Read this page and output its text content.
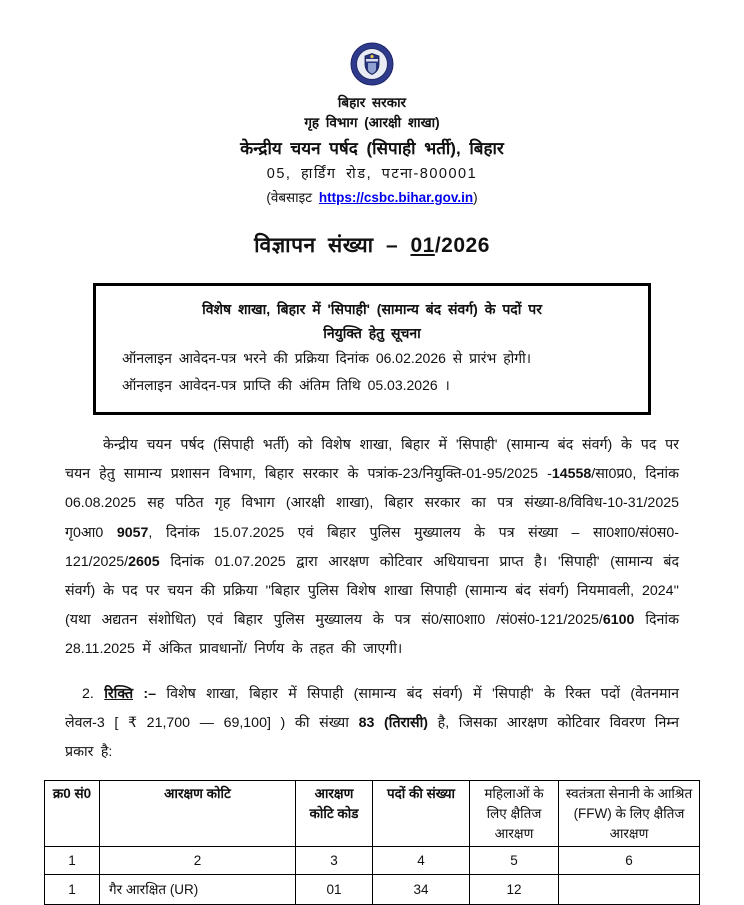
बिहार सरकार
गृह विभाग (आरक्षी शाखा)
केन्द्रीय चयन पर्षद (सिपाही भर्ती), बिहार
05, हार्डिंग रोड, पटना-800001
(वेबसाइट https://csbc.bihar.gov.in)
विज्ञापन संख्या – 01/2026
विशेष शाखा, बिहार में 'सिपाही' (सामान्य बंद संवर्ग) के पदों पर
नियुक्ति हेतु सूचना
ऑनलाइन आवेदन-पत्र भरने की प्रक्रिया दिनांक 06.02.2026 से प्रारंभ होगी।
ऑनलाइन आवेदन-पत्र प्राप्ति की अंतिम तिथि 05.03.2026 ।
केन्द्रीय चयन पर्षद (सिपाही भर्ती) को विशेष शाखा, बिहार में 'सिपाही' (सामान्य बंद संवर्ग) के पद पर चयन हेतु सामान्य प्रशासन विभाग, बिहार सरकार के पत्रांक-23/नियुक्ति-01-95/2025 -14558/सा0प्र0, दिनांक 06.08.2025 सह पठित गृह विभाग (आरक्षी शाखा), बिहार सरकार का पत्र संख्या-8/विविध-10-31/2025 गृ0आ0 9057, दिनांक 15.07.2025 एवं बिहार पुलिस मुख्यालय के पत्र संख्या – सा0शा0/सं0स0-121/2025/2605 दिनांक 01.07.2025 द्वारा आरक्षण कोटिवार अधियाचना प्राप्त है। 'सिपाही' (सामान्य बंद संवर्ग) के पद पर चयन की प्रक्रिया ''बिहार पुलिस विशेष शाखा सिपाही (सामान्य बंद संवर्ग) नियमावली, 2024'' (यथा अद्यतन संशोधित) एवं बिहार पुलिस मुख्यालय के पत्र सं0/सा0शा0 /सं0सं0-121/2025/6100 दिनांक 28.11.2025 में अंकित प्रावधानों/ निर्णय के तहत की जाएगी।
2. रिक्ति :– विशेष शाखा, बिहार में सिपाही (सामान्य बंद संवर्ग) में 'सिपाही' के रिक्त पदों (वेतनमान लेवल-3 [ ₹ 21,700 — 69,100] ) की संख्या 83 (तिरासी) है, जिसका आरक्षण कोटिवार विवरण निम्न प्रकार है:
क्र0 सं0	आरक्षण कोटि	आरक्षण कोटि कोड	पदों की संख्या	महिलाओं के लिए क्षैतिज आरक्षण	स्वतंत्रता सेनानी के आश्रित (FFW) के लिए क्षैतिज आरक्षण
1	2	3	4	5	6
1	गैर आरक्षित (UR)	01	34	12	
